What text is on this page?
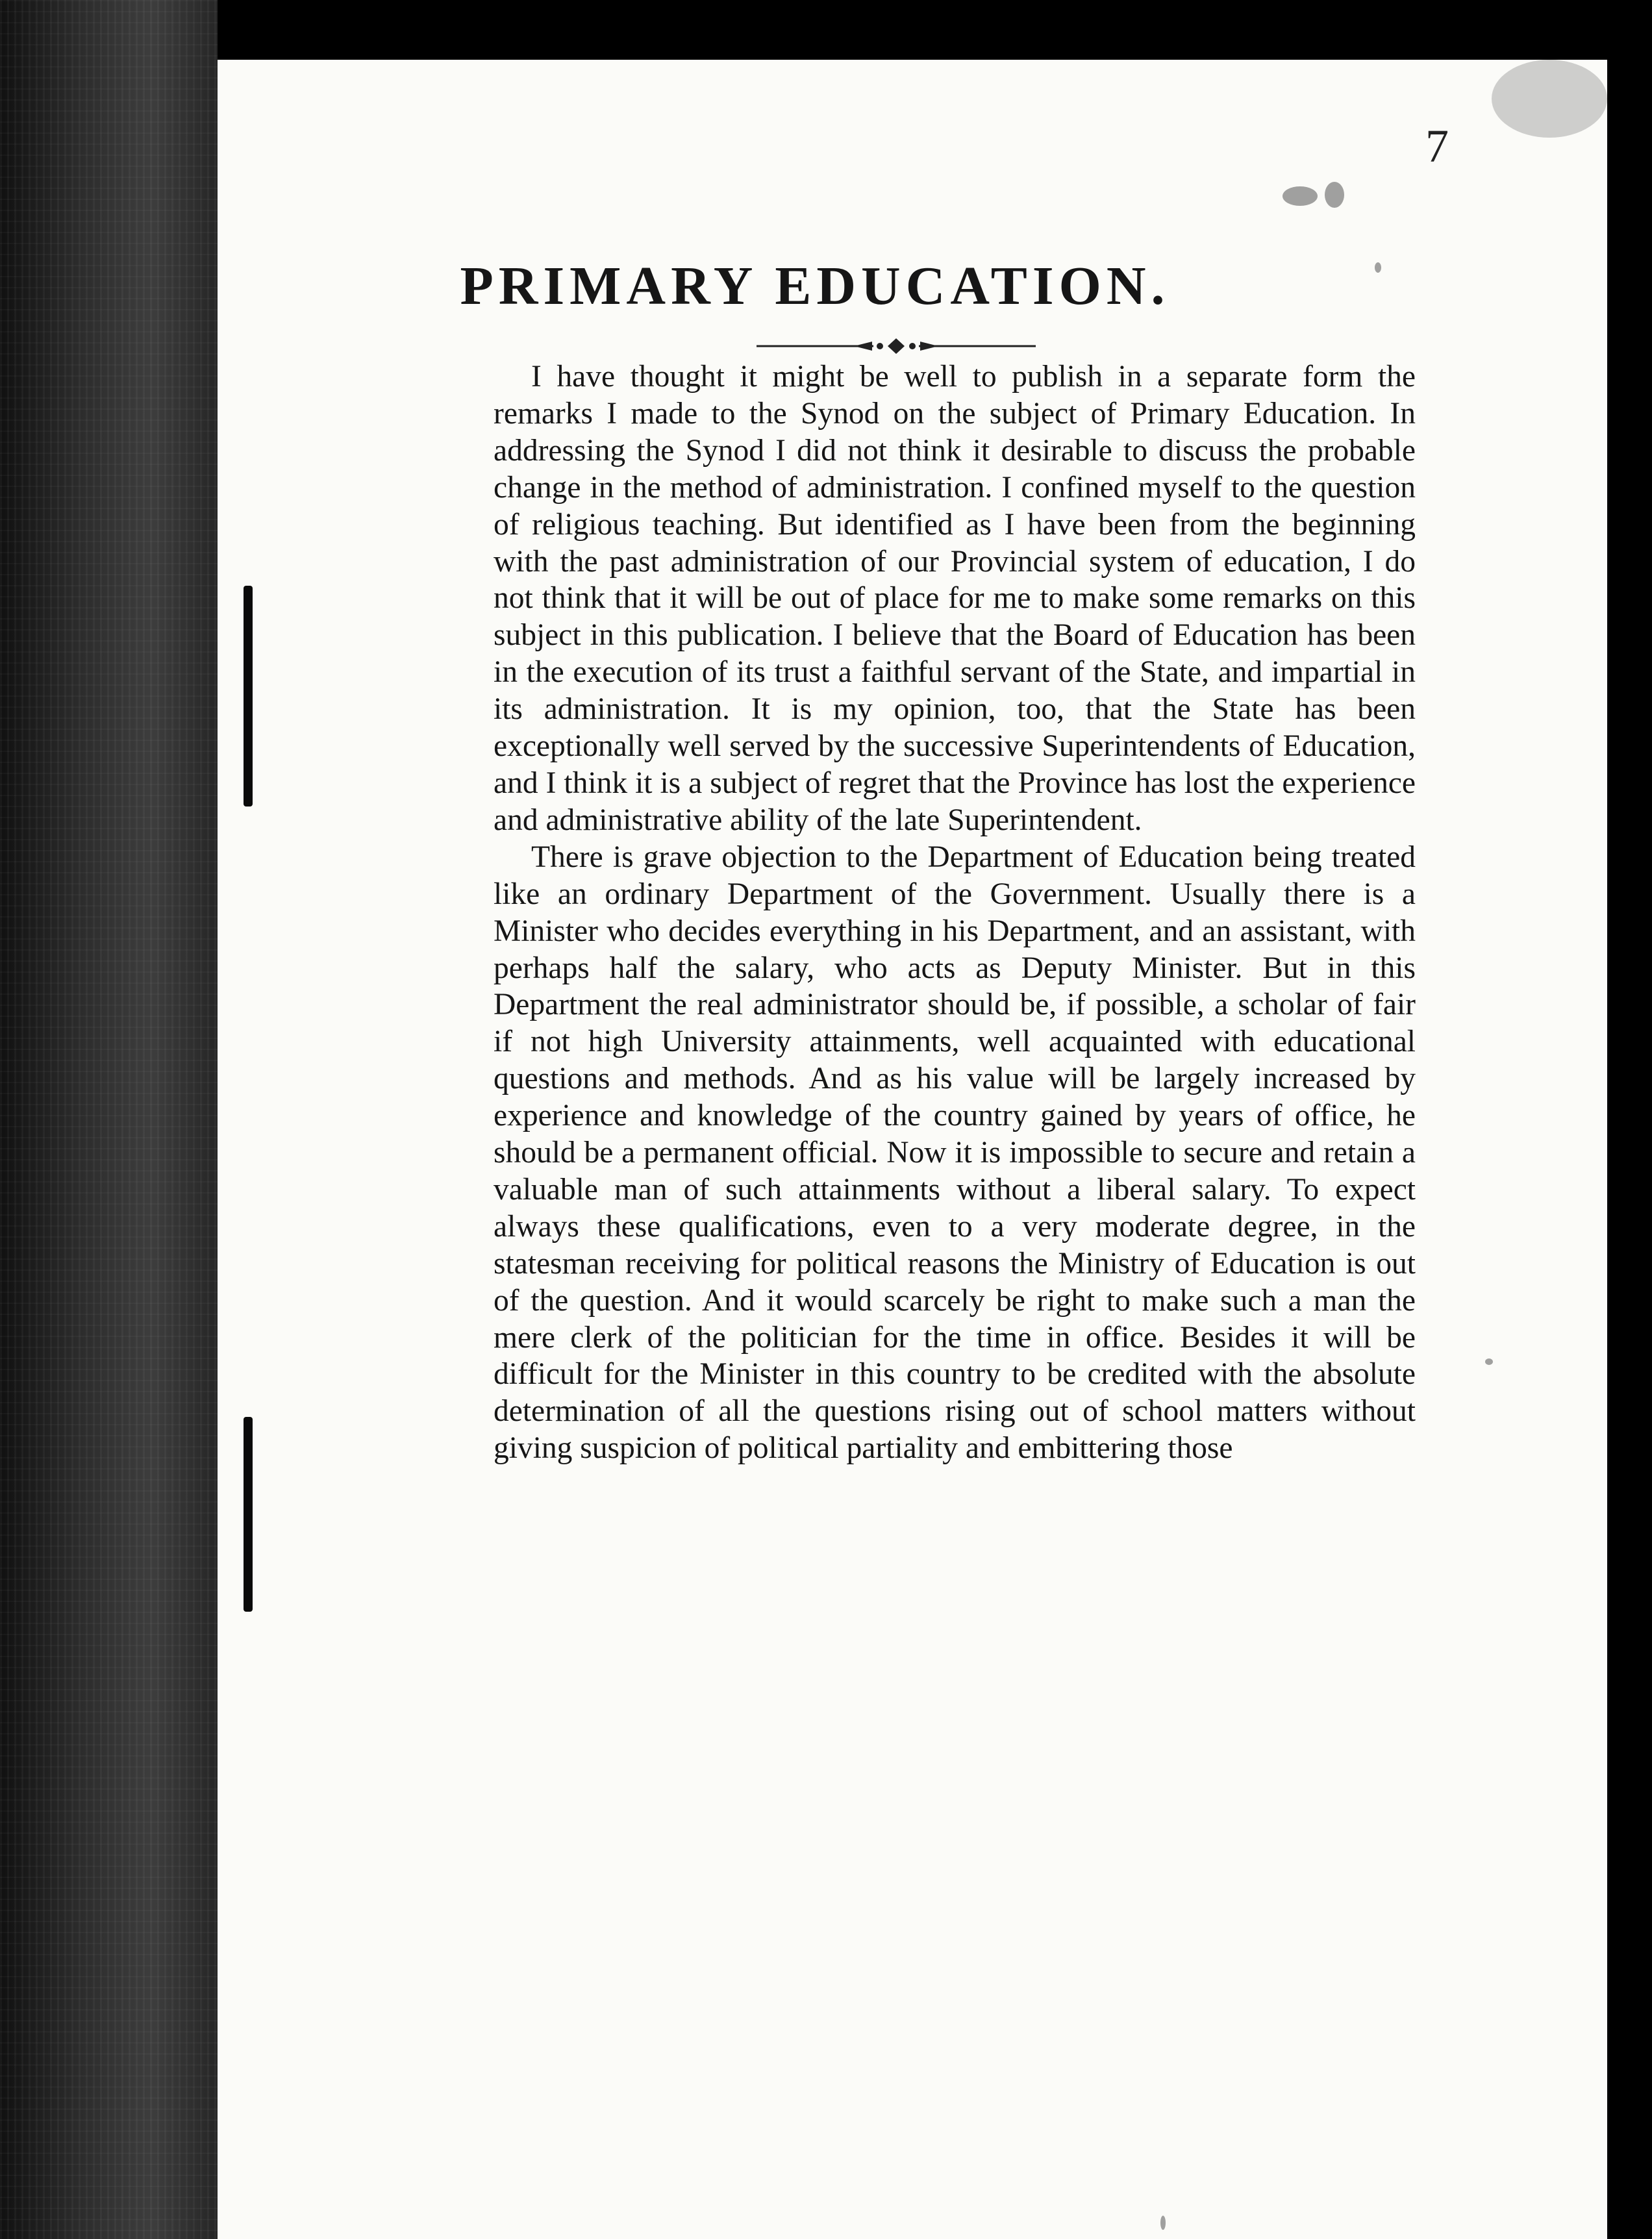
7
PRIMARY EDUCATION.

I have thought it might be well to publish in a separate form the remarks I made to the Synod on the subject of Primary Education. In addressing the Synod I did not think it desirable to discuss the probable change in the method of administration. I confined myself to the question of religious teaching. But identified as I have been from the beginning with the past administration of our Provincial system of education, I do not think that it will be out of place for me to make some remarks on this subject in this publication. I believe that the Board of Education has been in the execution of its trust a faithful servant of the State, and impartial in its administration. It is my opinion, too, that the State has been exceptionally well served by the successive Superintendents of Education, and I think it is a subject of regret that the Province has lost the experience and administrative ability of the late Superintendent.

There is grave objection to the Department of Education being treated like an ordinary Department of the Government. Usually there is a Minister who decides everything in his Department, and an assistant, with perhaps half the salary, who acts as Deputy Minister. But in this Department the real administrator should be, if possible, a scholar of fair if not high University attainments, well acquainted with educational questions and methods. And as his value will be largely increased by experience and knowledge of the country gained by years of office, he should be a permanent official. Now it is impossible to secure and retain a valuable man of such attainments without a liberal salary. To expect always these qualifications, even to a very moderate degree, in the statesman receiving for political reasons the Ministry of Education is out of the question. And it would scarcely be right to make such a man the mere clerk of the politician for the time in office. Besides it will be difficult for the Minister in this country to be credited with the absolute determination of all the questions rising out of school matters without giving suspicion of political partiality and embittering those
